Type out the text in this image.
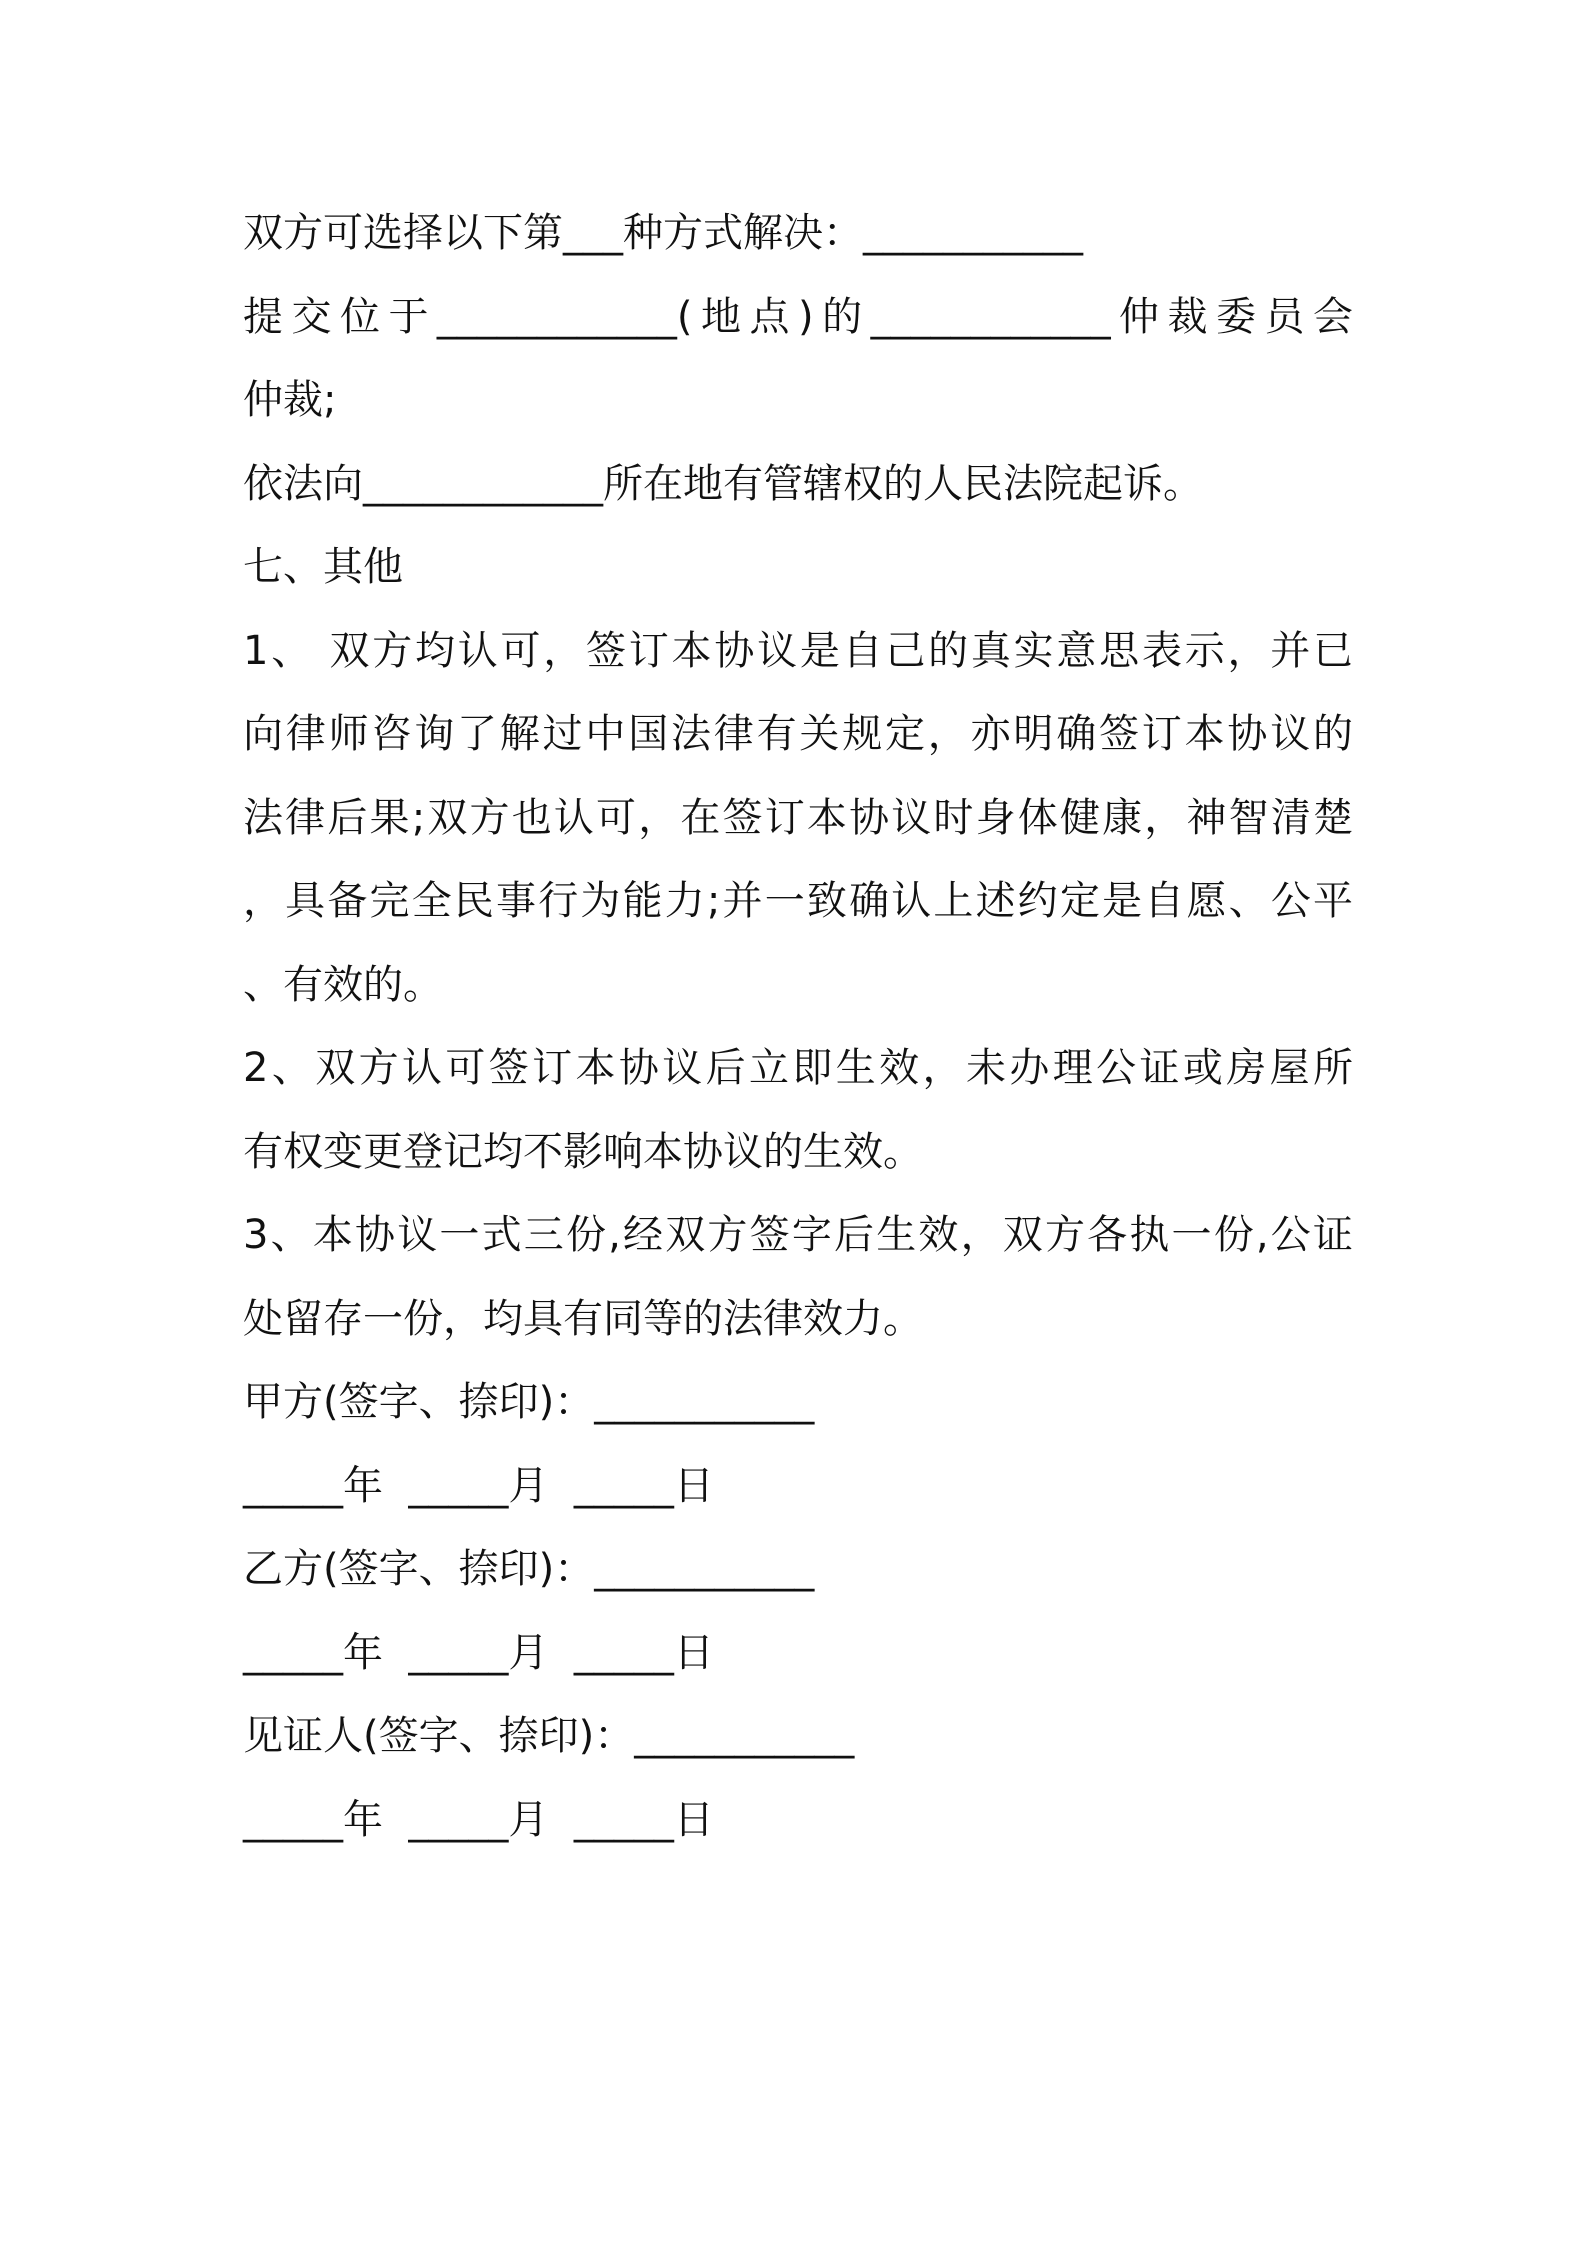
双方可选择以下第___种方式解决：___________
提交位于____________(地点)的____________仲裁委员会
仲裁;
依法向____________所在地有管辖权的人民法院起诉。
七、其他
1、 双方均认可，签订本协议是自己的真实意思表示，并已
向律师咨询了解过中国法律有关规定，亦明确签订本协议的
法律后果;双方也认可，在签订本协议时身体健康，神智清楚
，具备完全民事行为能力;并一致确认上述约定是自愿、公平
、有效的。
2、双方认可签订本协议后立即生效，未办理公证或房屋所
有权变更登记均不影响本协议的生效。
3、本协议一式三份,经双方签字后生效，双方各执一份,公证
处留存一份，均具有同等的法律效力。
甲方(签字、捺印)：___________
_____年  _____月  _____日
乙方(签字、捺印)：___________
_____年  _____月  _____日
见证人(签字、捺印)：___________
_____年  _____月  _____日
